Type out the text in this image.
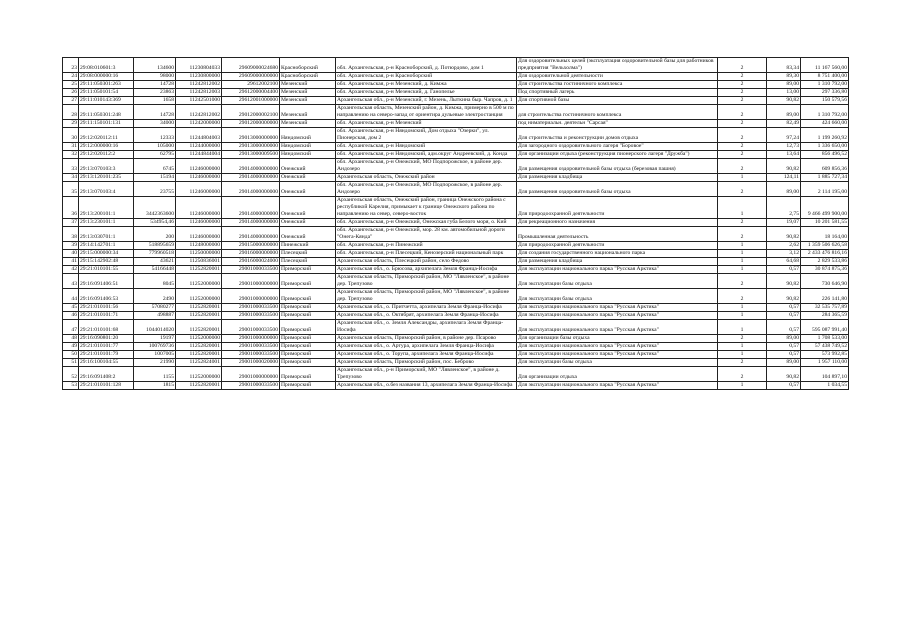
23	29:08:010601:3	134600	11230804033	29609000024680	Красноборский	обл. Архангельская, р-н Красноборский, д. Потюрдово, дом 1	Для оздоровительных целей (эксплуатация оздоровительной базы для работников предприятия "Вельхолма")	2	83,34	11 167 560,00
24	29:08:000000:16	98000	11230800000	29609000000000	Красноборский	обл. Архангельская, р-н Красноборский	Для оздоровительной деятельности	2	89,30	8 751 400,00
25	29:11:050301:263	14728	11242812002	29612002100	Мезенский	обл. Архангельская, р-н Мезенский, д. Кимжа	Для строительства гостиничного комплекса	2	89,00	1 310 792,00
26	29:11:050101:54	23863	11242812003	29612000004400	Мезенский	обл. Архангельская, р-н Мезенский, д. Ганопелье	Под спортивный лагерь	2	13,00	297 336,80
27	29:11:010143:369	1658	11242501000	29612001000000	Мезенский	Архангельская обл., р-н Мезенский, г. Мезень, Лыткина быр. Чапров, д. 1	Для спортивной базы	2	90,82	150 579,56
28	29:11:050301:248	14728	11242812002	29012000002100	Мезенский	Архангельская область, Мезенский район, д. Кимжа, примерно в 500 м по направлению на северо-запад от ориентира дульевые электростанция	для строительства гостиничного комплекса	2	89,00	1 310 792,00
29	29:11:150101:131	34000	11242000000	29012000000000	Мезенский	обл. Архангельская, р-н Мезенский	под ниматериальн. деятельн "Сарсая"	2	82,49	424 660,00
30	29:12:020112:11	12333	11244804003	29013000000000	Няндомский	обл. Архангельская, р-н Няндомский, Дом отдыха "Озерки", ул. Пионерская, дом 2	Для строительства и реконструкции домов отдыха	2	97,24	1 199 260,92
31	29:12:000000:16	105000	11244000000	29013000000000	Няндомский	обл. Архангельская, р-н Няндомский	Для загородного оздоровительного лагеря "Боровое"	2	12,73	1 336 650,00
32	29:12:020112:2	62795	11244844004	29013000009500	Няндомский	обл. Архангельская, р-н Няндомский, адм.округ Андреевский, д. Конда	Для организации отдыха (реконструкция пионерского лагеря "Дружба")	2	13,64	856 496,52
33	29:13:070103:3	6745	11246000000	29014000000000	Онежский	обл. Архангельская, р-н Онежский, МО Подпорожское, в районе дер. Андозеро	Для размещения оздоровительной базы отдыха (березовая пашня)	2	90,82	609 856,36
34	29:13:120101:235	15194	11246000000	29014000000000	Онежский	Архангельская область, Онежский район	Для размещения кладбища	1	124,11	1 885 727,34
35	29:13:070103:4	23755	11246000000	29014000000000	Онежский	обл. Архангельская, р-н Онежский, МО Подпорожское, в районе дер. Андозеро	Для размещения оздоровительной базы отдыха	2	89,00	2 114 195,00
36	29:13:200101:1	3442363600	11246000000	29014000000000	Онежский	Архангельская область, Онежский район, граница Онежского района с республикой Карелия, примыкает к границе Онежского района по направлению на север, северо-восток	Для природоохранной деятельности	1	2,75	9 466 499 900,00
37	29:13:230101:1	534954,46	11246000000	29014000000000	Онежский	обл. Архангельская, р-н Онежский, Онежская губа Белого моря, о. Кий	Для рекреационного назначения	2	19,07	10 201 581,55
38	29:13:030701:1	200	11246000000	29014000000000	Онежский	обл. Архангельская, р-н Онежский, мор. 28 км. автомобильной дороги "Онега-Кянда"	Промышленная деятельность	2	90,82	18 164,00
39	29:14:142701:1	518895659	11248000000	29015000000000	Пинежский	обл. Архангельская, р-н Пинежский	Для природоохранной деятельности	1	2,62	1 359 506 626,58
40	29:15:000000:34	779960518	11250000000	29016000000000	Плесецкий	обл. Архангельская, р-н Плесецкий, Кенозерский национальный парк	Для создания государственного национального парка	1	3,12	2 433 476 816,16
41	29:15:142902:48	43621	11250836001	29016000024000	Плесецкий	Архангельская область, Плесецкий район, село Федово	Для размещения кладбища	1	64,68	2 829 533,86
42	29:21:010101:55	54166448	11252820001	29001000033500	Приморский	Архангельская обл., о. Брюсова, архипелага Земля Франца-Иосифа	Для эксплуатации национального парка "Русская Арктика"	1	0,57	30 874 875,36
43	29:16:091406:51	8045	11252000000	29001000000000	Приморский	Архангельская область, Приморский район, МО "Лявленское", в районе дер. Трепузово	Для эксплуатации базы отдыха	2	90,82	730 646,90
44	29:16:091406:53	2490	11252000000	29001000000000	Приморский	Архангельская область, Приморский район, МО "Лявленское", в районе дер. Трепузово	Для эксплуатации базы отдыха	2	90,82	226 141,80
45	29:21:010101:56	57080277	11252820001	29001000033500	Приморский	Архангельская обл., о. Притчетта, архипелага Земля Франца-Иосифа	Для эксплуатации национального парка "Русская Арктика"	1	0,57	32 535 757,89
46	29:21:010101:71	498887	11252820001	29001000033500	Приморский	Архангельская обл., о. Октябрят, архипелага Земля Франца-Иосифа	Для эксплуатации национального парка "Русская Арктика"	1	0,57	284 365,59
47	29:21:010101:68	1044014020	11252820001	29001000033500	Приморский	Архангельская обл., о. Земля Александры, архипелага Земля Франца-Иосифа	Для эксплуатации национального парка "Русская Арктика"	1	0,57	595 087 991,40
48	29:16:090801:20	19197	11252000000	29001000000000	Приморский	Архангельская область, Приморский район, в районе дер. Псарово	Для организации базы отдыха	2	89,00	1 708 533,00
49	29:21:010101:77	100769736	11252820001	29001000033500	Приморский	Архангельская обл., о. Артура, архипелага Земля Франца-Иосифа	Для эксплуатации национального парка "Русская Арктика"	1	0,57	57 438 749,52
50	29:21:010101:79	1007005	11252820001	29001000033500	Приморский	Архангельская обл., о. Торупа, архипелага Земля Франца-Иосифа	Для эксплуатации национального парка "Русская Арктика"	1	0,57	573 992,85
51	29:16:100104:55	21990	11252824001	29001000020000	Приморский	Архангельская область, Приморский район, пос. Беброво	Для эксплуатации базы отдыха	2	89,00	1 957 110,00
52	29:16:091408:2	1155	11252000000	29001000000000	Приморский	Архангельская обл., р-н Приморский, МО "Лявленское", в районе д. Трепузово	Для организации отдыха	2	90,82	104 897,10
53	29:21:010101:128	1815	11252820001	29001000033500	Приморский	Архангельская обл., о.без названия 13, архипелага Земля Франца-Иосифа	Для эксплуатации национального парка "Русская Арктика"	1	0,57	1 034,55
